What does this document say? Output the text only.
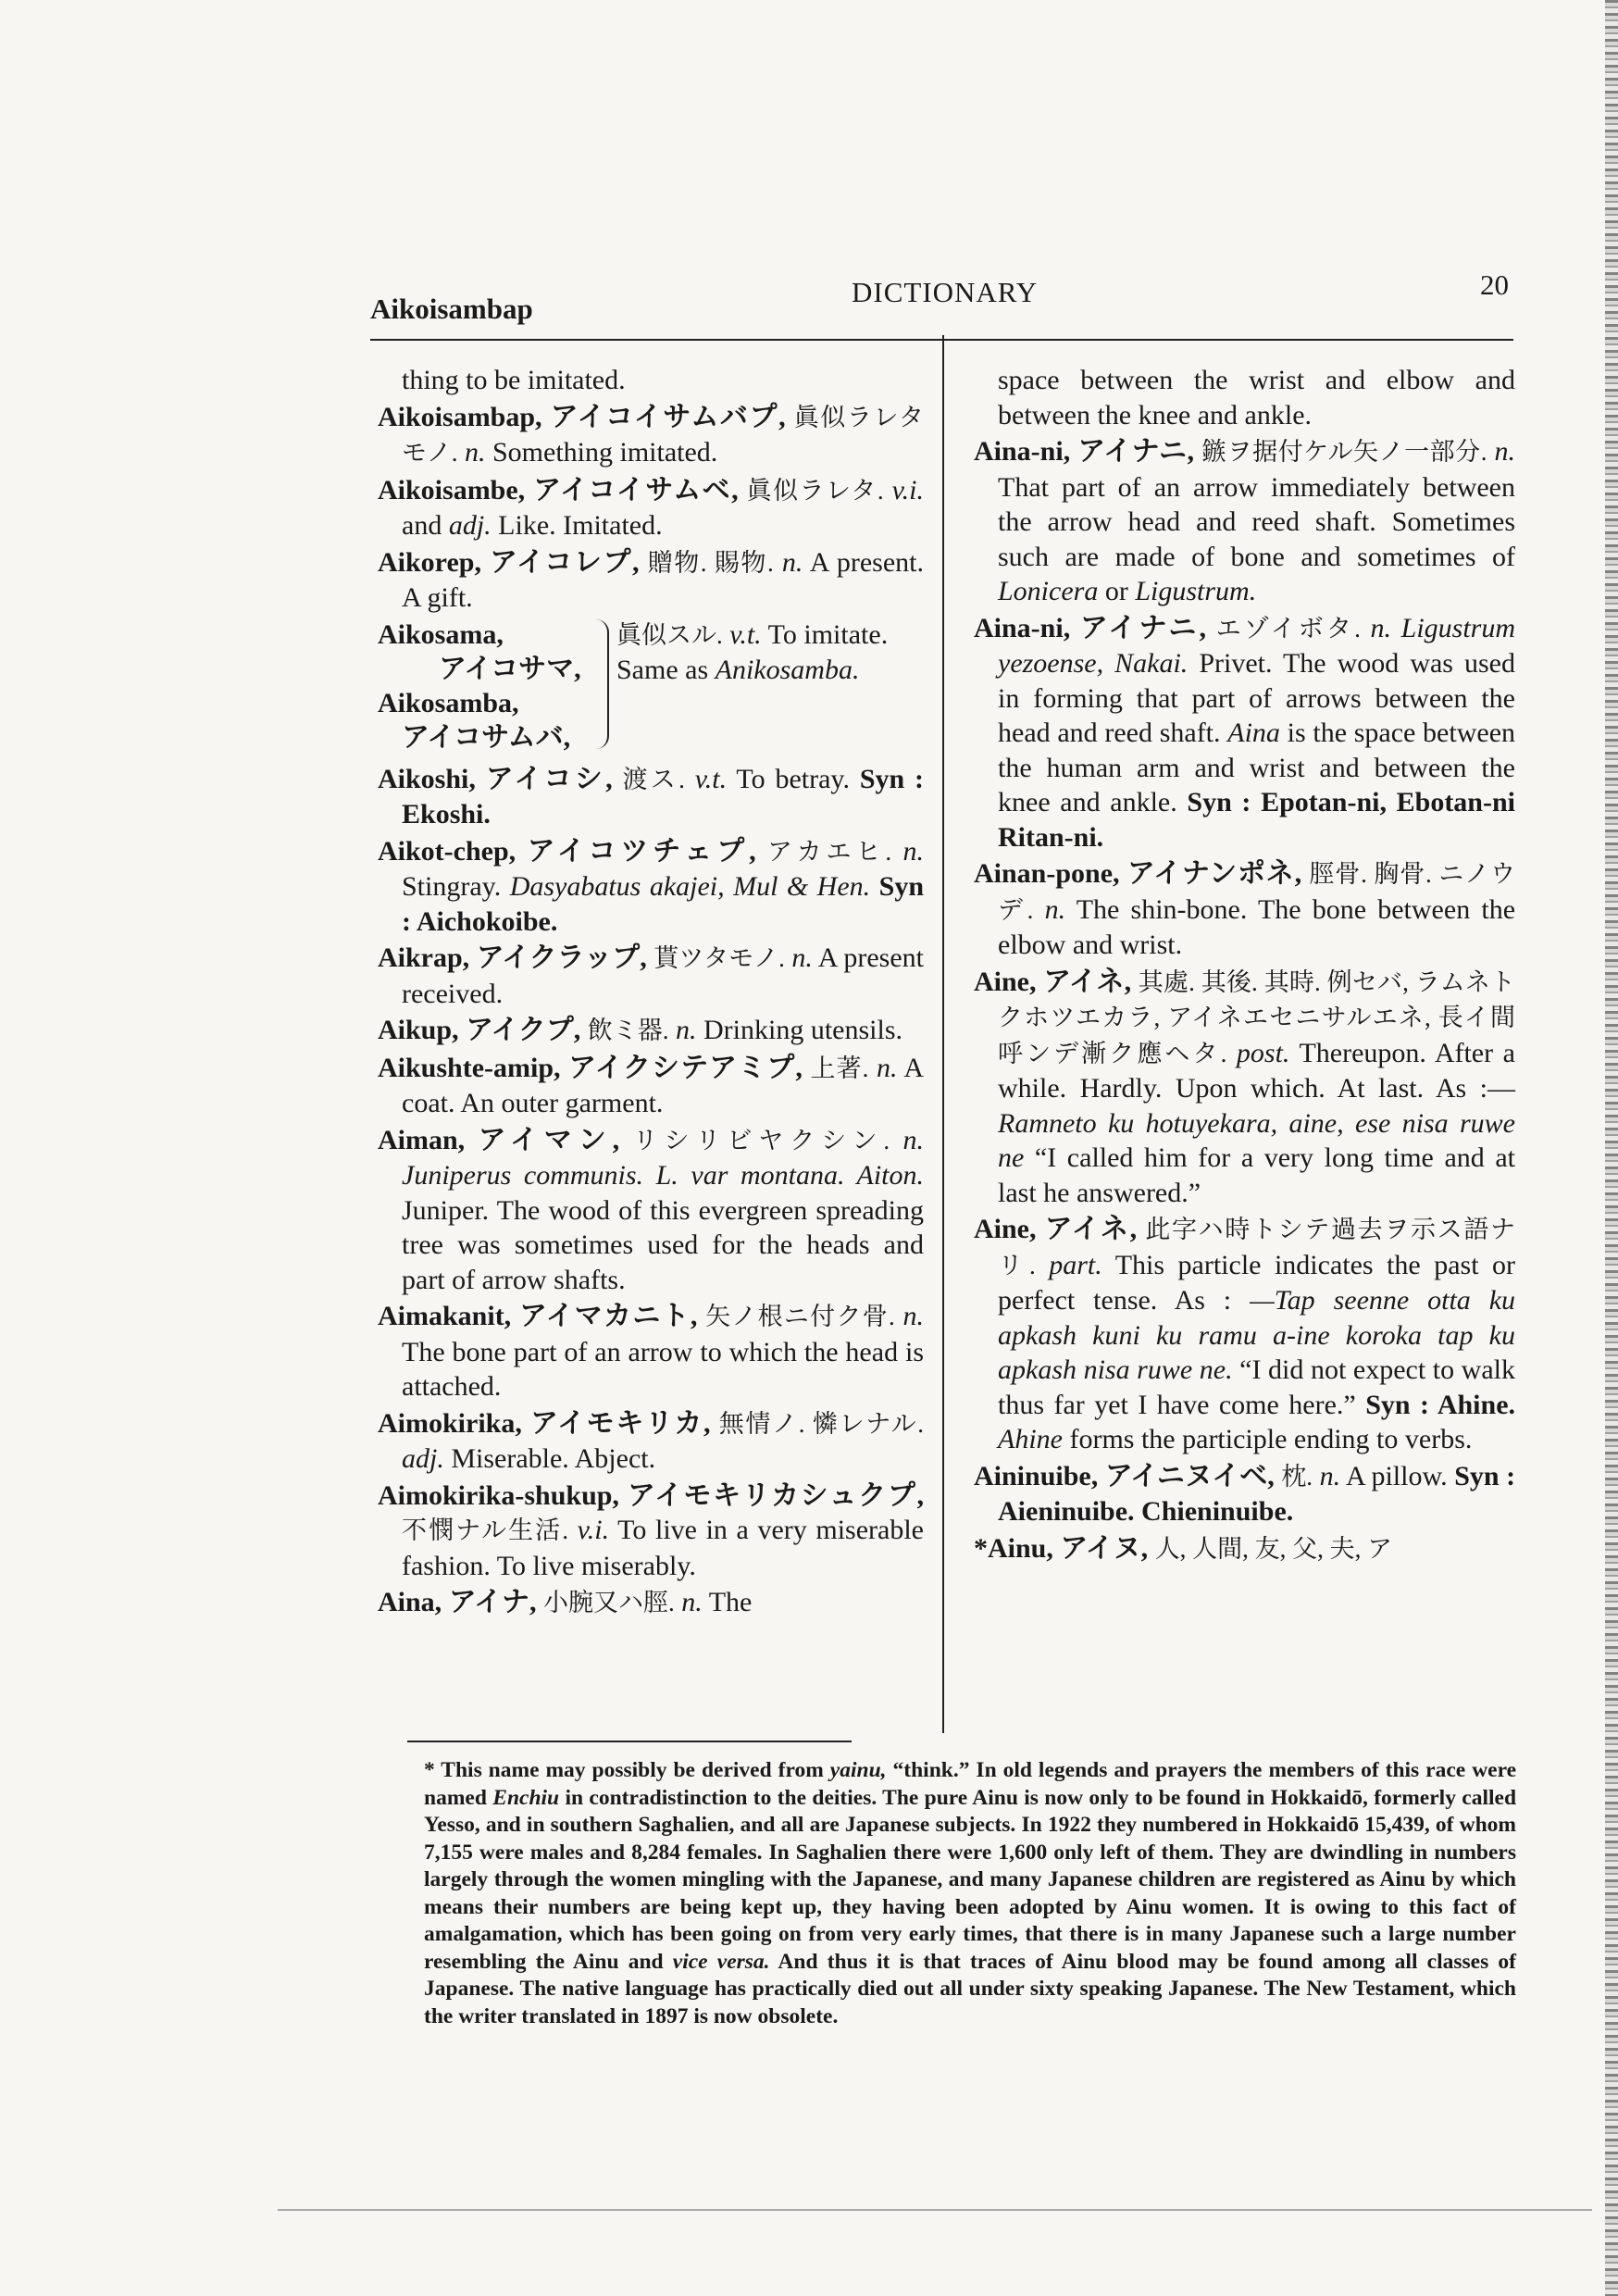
Aikoisambap
DICTIONARY	20
thing to be imitated.
Aikoisambap, アイコイサムバプ, 眞似ラレタモノ. n. Something imitated.
Aikoisambe, アイコイサムベ, 眞似ラレタ. v.i. and adj. Like. Imitated.
Aikorep, アイコレプ, 贈物. 賜物. n. A present. A gift.
Aikosama,
アイコサマ,
Aikosamba,
アイコサムバ,
眞似スル. v.t. To imitate. Same as Anikosamba.
Aikoshi, アイコシ, 渡ス. v.t. To betray. Syn : Ekoshi.
Aikot-chep, アイコツチェプ, アカエヒ. n. Stingray. Dasyabatus akajei, Mul & Hen. Syn : Aichokoibe.
Aikrap, アイクラップ, 貰ツタモノ. n. A present received.
Aikup, アイクプ, 飲ミ器. n. Drinking utensils.
Aikushte-amip, アイクシテアミプ, 上著. n. A coat. An outer garment.
Aiman, アイマン, リシリビヤクシン. n. Juniperus communis. L. var montana. Aiton. Juniper. The wood of this evergreen spreading tree was sometimes used for the heads and part of arrow shafts.
Aimakanit, アイマカニト, 矢ノ根ニ付ク骨. n. The bone part of an arrow to which the head is attached.
Aimokirika, アイモキリカ, 無情ノ. 憐レナル. adj. Miserable. Abject.
Aimokirika-shukup, アイモキリカシュクプ, 不憫ナル生活. v.i. To live in a very miserable fashion. To live miserably.
Aina, アイナ, 小腕又ハ脛. n. The
space between the wrist and elbow and between the knee and ankle.
Aina-ni, アイナニ, 鏃ヲ据付ケル矢ノ一部分. n. That part of an arrow immediately between the arrow head and reed shaft. Sometimes such are made of bone and sometimes of Lonicera or Ligustrum.
Aina-ni, アイナニ, エゾイボタ. n. Ligustrum yezoense, Nakai. Privet. The wood was used in forming that part of arrows between the head and reed shaft. Aina is the space between the human arm and wrist and between the knee and ankle. Syn : Epotan-ni, Ebotan-ni Ritan-ni.
Ainan-pone, アイナンポネ, 脛骨. 胸骨. ニノウデ. n. The shin-bone. The bone between the elbow and wrist.
Aine, アイネ, 其處. 其後. 其時. 例セバ, ラムネトクホツエカラ, アイネエセニサルエネ, 長イ間呼ンデ漸ク應ヘタ. post. Thereupon. After a while. Hardly. Upon which. At last. As :—Ramneto ku hotuyekara, aine, ese nisa ruwe ne “I called him for a very long time and at last he answered.”
Aine, アイネ, 此字ハ時トシテ過去ヲ示ス語ナリ. part. This particle indicates the past or perfect tense. As : —Tap seenne otta ku apkash kuni ku ramu a-ine koroka tap ku apkash nisa ruwe ne. “I did not expect to walk thus far yet I have come here.” Syn : Ahine. Ahine forms the participle ending to verbs.
Aininuibe, アイニヌイベ, 枕. n. A pillow. Syn : Aieninuibe. Chieninuibe.
*Ainu, アイヌ, 人, 人間, 友, 父, 夫, ア
* This name may possibly be derived from yainu, “think.” In old legends and prayers the members of this race were named Enchiu in contradistinction to the deities. The pure Ainu is now only to be found in Hokkaidō, formerly called Yesso, and in southern Saghalien, and all are Japanese subjects. In 1922 they numbered in Hokkaidō 15,439, of whom 7,155 were males and 8,284 females. In Saghalien there were 1,600 only left of them. They are dwindling in numbers largely through the women mingling with the Japanese, and many Japanese children are registered as Ainu by which means their numbers are being kept up, they having been adopted by Ainu women. It is owing to this fact of amalgamation, which has been going on from very early times, that there is in many Japanese such a large number resembling the Ainu and vice versa. And thus it is that traces of Ainu blood may be found among all classes of Japanese. The native language has practically died out all under sixty speaking Japanese. The New Testament, which the writer translated in 1897 is now obsolete.
